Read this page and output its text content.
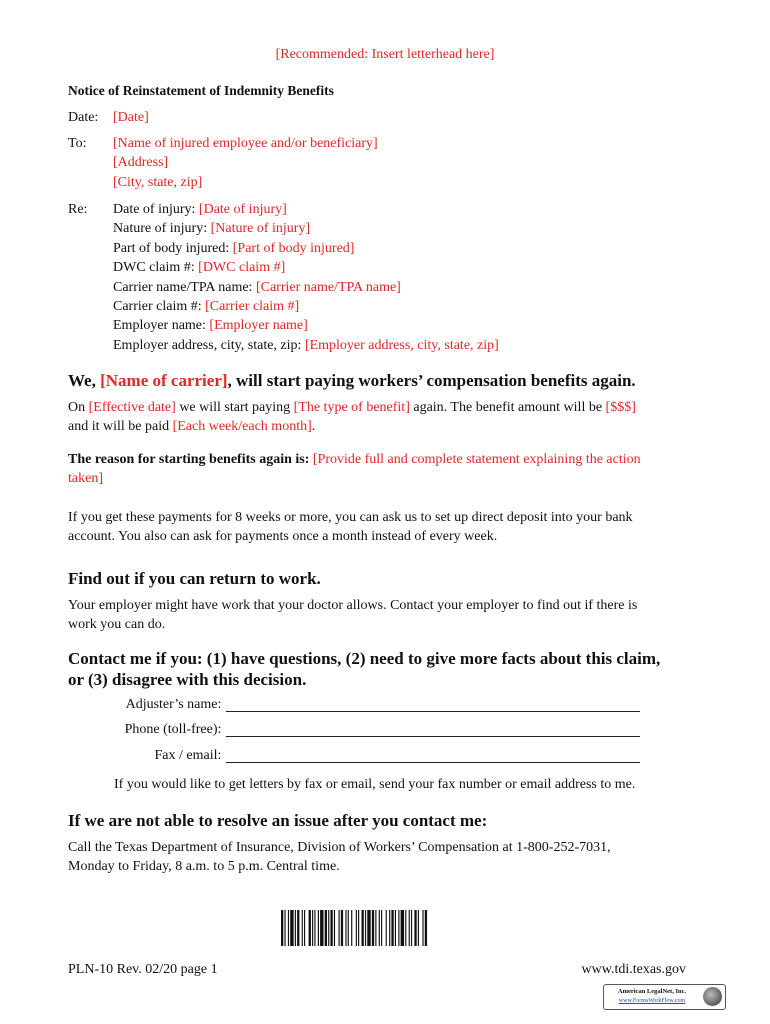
[Recommended: Insert letterhead here]
Notice of Reinstatement of Indemnity Benefits
Date:	[Date]
To:	[Name of injured employee and/or beneficiary]
[Address]
[City, state, zip]
Re:	Date of injury: [Date of injury]
Nature of injury: [Nature of injury]
Part of body injured: [Part of body injured]
DWC claim #: [DWC claim #]
Carrier name/TPA name: [Carrier name/TPA name]
Carrier claim #: [Carrier claim #]
Employer name: [Employer name]
Employer address, city, state, zip: [Employer address, city, state, zip]
We, [Name of carrier], will start paying workers’ compensation benefits again.
On [Effective date] we will start paying [The type of benefit] again. The benefit amount will be [$$$]
and it will be paid [Each week/each month].
The reason for starting benefits again is: [Provide full and complete statement explaining the action
taken]
If you get these payments for 8 weeks or more, you can ask us to set up direct deposit into your bank
account. You also can ask for payments once a month instead of every week.
Find out if you can return to work.
Your employer might have work that your doctor allows. Contact your employer to find out if there is
work you can do.
Contact me if you: (1) have questions, (2) need to give more facts about this claim,
or (3) disagree with this decision.
Adjuster’s name:
Phone (toll-free):
Fax / email:
If you would like to get letters by fax or email, send your fax number or email address to me.
If we are not able to resolve an issue after you contact me:
Call the Texas Department of Insurance, Division of Workers’ Compensation at 1-800-252-7031,
Monday to Friday, 8 a.m. to 5 p.m. Central time.
PLN-10 Rev. 02/20 page 1	www.tdi.texas.gov
American LegalNet, Inc.
www.FormsWorkFlow.com
